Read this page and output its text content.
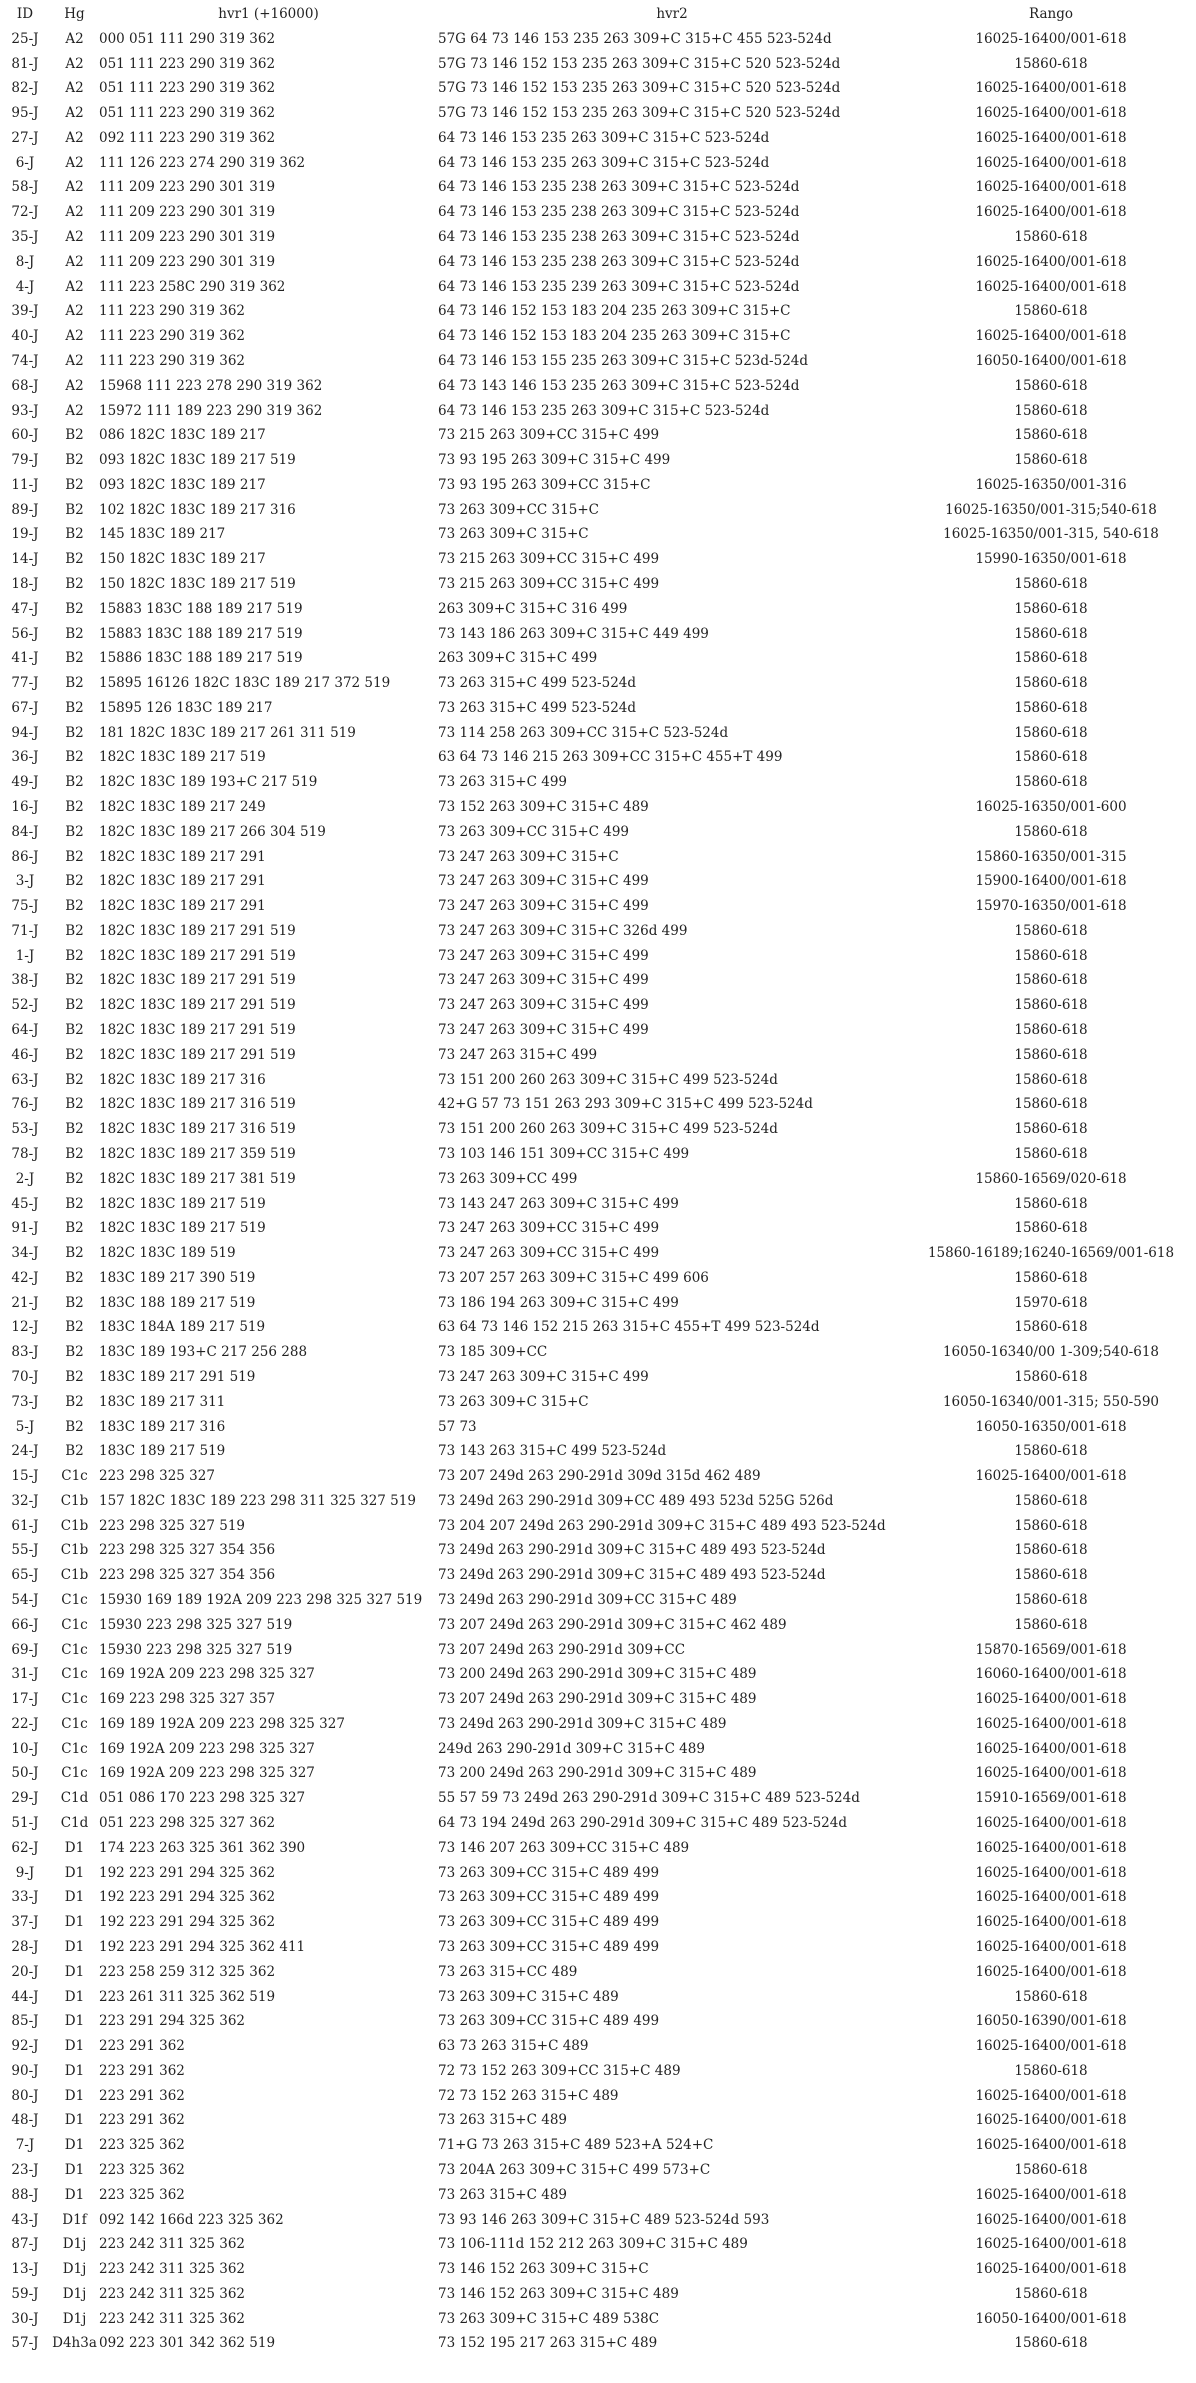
ID	Hg	hvr1 (+16000)	hvr2	Rango
25-J	A2	000 051 111 290 319 362	57G 64 73 146 153 235 263 309+C 315+C 455 523-524d	16025-16400/001-618
81-J	A2	051 111 223 290 319 362	57G 73 146 152 153 235 263 309+C 315+C 520 523-524d	15860-618
82-J	A2	051 111 223 290 319 362	57G 73 146 152 153 235 263 309+C 315+C 520 523-524d	16025-16400/001-618
95-J	A2	051 111 223 290 319 362	57G 73 146 152 153 235 263 309+C 315+C 520 523-524d	16025-16400/001-618
27-J	A2	092 111 223 290 319 362	64 73 146 153 235 263 309+C 315+C 523-524d	16025-16400/001-618
6-J	A2	111 126 223 274 290 319 362	64 73 146 153 235 263 309+C 315+C 523-524d	16025-16400/001-618
58-J	A2	111 209 223 290 301 319	64 73 146 153 235 238 263 309+C 315+C 523-524d	16025-16400/001-618
72-J	A2	111 209 223 290 301 319	64 73 146 153 235 238 263 309+C 315+C 523-524d	16025-16400/001-618
35-J	A2	111 209 223 290 301 319	64 73 146 153 235 238 263 309+C 315+C 523-524d	15860-618
8-J	A2	111 209 223 290 301 319	64 73 146 153 235 238 263 309+C 315+C 523-524d	16025-16400/001-618
4-J	A2	111 223 258C 290 319 362	64 73 146 153 235 239 263 309+C 315+C 523-524d	16025-16400/001-618
39-J	A2	111 223 290 319 362	64 73 146 152 153 183 204 235 263 309+C 315+C	15860-618
40-J	A2	111 223 290 319 362	64 73 146 152 153 183 204 235 263 309+C 315+C	16025-16400/001-618
74-J	A2	111 223 290 319 362	64 73 146 153 155 235 263 309+C 315+C 523d-524d	16050-16400/001-618
68-J	A2	15968 111 223 278 290 319 362	64 73 143 146 153 235 263 309+C 315+C 523-524d	15860-618
93-J	A2	15972 111 189 223 290 319 362	64 73 146 153 235 263 309+C 315+C 523-524d	15860-618
60-J	B2	086 182C 183C 189 217	73 215 263 309+CC 315+C 499	15860-618
79-J	B2	093 182C 183C 189 217 519	73 93 195 263 309+C 315+C 499	15860-618
11-J	B2	093 182C 183C 189 217	73 93 195 263 309+CC 315+C	16025-16350/001-316
89-J	B2	102 182C 183C 189 217 316	73 263 309+CC 315+C	16025-16350/001-315;540-618
19-J	B2	145 183C 189 217	73 263 309+C 315+C	16025-16350/001-315, 540-618
14-J	B2	150 182C 183C 189 217	73 215 263 309+CC 315+C 499	15990-16350/001-618
18-J	B2	150 182C 183C 189 217 519	73 215 263 309+CC 315+C 499	15860-618
47-J	B2	15883 183C 188 189 217 519	263 309+C 315+C 316 499	15860-618
56-J	B2	15883 183C 188 189 217 519	73 143 186 263 309+C 315+C 449 499	15860-618
41-J	B2	15886 183C 188 189 217 519	263 309+C 315+C 499	15860-618
77-J	B2	15895 16126 182C 183C 189 217 372 519	73 263 315+C 499 523-524d	15860-618
67-J	B2	15895 126 183C 189 217	73 263 315+C 499 523-524d	15860-618
94-J	B2	181 182C 183C 189 217 261 311 519	73 114 258 263 309+CC 315+C 523-524d	15860-618
36-J	B2	182C 183C 189 217 519	63 64 73 146 215 263 309+CC 315+C 455+T 499	15860-618
49-J	B2	182C 183C 189 193+C 217 519	73 263 315+C 499	15860-618
16-J	B2	182C 183C 189 217 249	73 152 263 309+C 315+C 489	16025-16350/001-600
84-J	B2	182C 183C 189 217 266 304 519	73 263 309+CC 315+C 499	15860-618
86-J	B2	182C 183C 189 217 291	73 247 263 309+C 315+C	15860-16350/001-315
3-J	B2	182C 183C 189 217 291	73 247 263 309+C 315+C 499	15900-16400/001-618
75-J	B2	182C 183C 189 217 291	73 247 263 309+C 315+C 499	15970-16350/001-618
71-J	B2	182C 183C 189 217 291 519	73 247 263 309+C 315+C 326d 499	15860-618
1-J	B2	182C 183C 189 217 291 519	73 247 263 309+C 315+C 499	15860-618
38-J	B2	182C 183C 189 217 291 519	73 247 263 309+C 315+C 499	15860-618
52-J	B2	182C 183C 189 217 291 519	73 247 263 309+C 315+C 499	15860-618
64-J	B2	182C 183C 189 217 291 519	73 247 263 309+C 315+C 499	15860-618
46-J	B2	182C 183C 189 217 291 519	73 247 263 315+C 499	15860-618
63-J	B2	182C 183C 189 217 316	73 151 200 260 263 309+C 315+C 499 523-524d	15860-618
76-J	B2	182C 183C 189 217 316 519	42+G 57 73 151 263 293 309+C 315+C 499 523-524d	15860-618
53-J	B2	182C 183C 189 217 316 519	73 151 200 260 263 309+C 315+C 499 523-524d	15860-618
78-J	B2	182C 183C 189 217 359 519	73 103 146 151 309+CC 315+C 499	15860-618
2-J	B2	182C 183C 189 217 381 519	73 263 309+CC 499	15860-16569/020-618
45-J	B2	182C 183C 189 217 519	73 143 247 263 309+C 315+C 499	15860-618
91-J	B2	182C 183C 189 217 519	73 247 263 309+CC 315+C 499	15860-618
34-J	B2	182C 183C 189 519	73 247 263 309+CC 315+C 499	15860-16189;16240-16569/001-618
42-J	B2	183C 189 217 390 519	73 207 257 263 309+C 315+C 499 606	15860-618
21-J	B2	183C 188 189 217 519	73 186 194 263 309+C 315+C 499	15970-618
12-J	B2	183C 184A 189 217 519	63 64 73 146 152 215 263 315+C 455+T 499 523-524d	15860-618
83-J	B2	183C 189 193+C 217 256 288	73 185 309+CC	16050-16340/00 1-309;540-618
70-J	B2	183C 189 217 291 519	73 247 263 309+C 315+C 499	15860-618
73-J	B2	183C 189 217 311	73 263 309+C 315+C	16050-16340/001-315; 550-590
5-J	B2	183C 189 217 316	57 73	16050-16350/001-618
24-J	B2	183C 189 217 519	73 143 263 315+C 499 523-524d	15860-618
15-J	C1c	223 298 325 327	73 207 249d 263 290-291d 309d 315d 462 489	16025-16400/001-618
32-J	C1b	157 182C 183C 189 223 298 311 325 327 519	73 249d 263 290-291d 309+CC 489 493 523d 525G 526d	15860-618
61-J	C1b	223 298 325 327 519	73 204 207 249d 263 290-291d 309+C 315+C 489 493 523-524d	15860-618
55-J	C1b	223 298 325 327 354 356	73 249d 263 290-291d 309+C 315+C 489 493 523-524d	15860-618
65-J	C1b	223 298 325 327 354 356	73 249d 263 290-291d 309+C 315+C 489 493 523-524d	15860-618
54-J	C1c	15930 169 189 192A 209 223 298 325 327 519	73 249d 263 290-291d 309+CC 315+C 489	15860-618
66-J	C1c	15930 223 298 325 327 519	73 207 249d 263 290-291d 309+C 315+C 462 489	15860-618
69-J	C1c	15930 223 298 325 327 519	73 207 249d 263 290-291d 309+CC	15870-16569/001-618
31-J	C1c	169 192A 209 223 298 325 327	73 200 249d 263 290-291d 309+C 315+C 489	16060-16400/001-618
17-J	C1c	169 223 298 325 327 357	73 207 249d 263 290-291d 309+C 315+C 489	16025-16400/001-618
22-J	C1c	169 189 192A 209 223 298 325 327	73 249d 263 290-291d 309+C 315+C 489	16025-16400/001-618
10-J	C1c	169 192A 209 223 298 325 327	249d 263 290-291d 309+C 315+C 489	16025-16400/001-618
50-J	C1c	169 192A 209 223 298 325 327	73 200 249d 263 290-291d 309+C 315+C 489	16025-16400/001-618
29-J	C1d	051 086 170 223 298 325 327	55 57 59 73 249d 263 290-291d 309+C 315+C 489 523-524d	15910-16569/001-618
51-J	C1d	051 223 298 325 327 362	64 73 194 249d 263 290-291d 309+C 315+C 489 523-524d	16025-16400/001-618
62-J	D1	174 223 263 325 361 362 390	73 146 207 263 309+CC 315+C 489	16025-16400/001-618
9-J	D1	192 223 291 294 325 362	73 263 309+CC 315+C 489 499	16025-16400/001-618
33-J	D1	192 223 291 294 325 362	73 263 309+CC 315+C 489 499	16025-16400/001-618
37-J	D1	192 223 291 294 325 362	73 263 309+CC 315+C 489 499	16025-16400/001-618
28-J	D1	192 223 291 294 325 362 411	73 263 309+CC 315+C 489 499	16025-16400/001-618
20-J	D1	223 258 259 312 325 362	73 263 315+CC 489	16025-16400/001-618
44-J	D1	223 261 311 325 362 519	73 263 309+C 315+C 489	15860-618
85-J	D1	223 291 294 325 362	73 263 309+CC 315+C 489 499	16050-16390/001-618
92-J	D1	223 291 362	63 73 263 315+C 489	16025-16400/001-618
90-J	D1	223 291 362	72 73 152 263 309+CC 315+C 489	15860-618
80-J	D1	223 291 362	72 73 152 263 315+C 489	16025-16400/001-618
48-J	D1	223 291 362	73 263 315+C 489	16025-16400/001-618
7-J	D1	223 325 362	71+G 73 263 315+C 489 523+A 524+C	16025-16400/001-618
23-J	D1	223 325 362	73 204A 263 309+C 315+C 499 573+C	15860-618
88-J	D1	223 325 362	73 263 315+C 489	16025-16400/001-618
43-J	D1f	092 142 166d 223 325 362	73 93 146 263 309+C 315+C 489 523-524d 593	16025-16400/001-618
87-J	D1j	223 242 311 325 362	73 106-111d 152 212 263 309+C 315+C 489	16025-16400/001-618
13-J	D1j	223 242 311 325 362	73 146 152 263 309+C 315+C	16025-16400/001-618
59-J	D1j	223 242 311 325 362	73 146 152 263 309+C 315+C 489	15860-618
30-J	D1j	223 242 311 325 362	73 263 309+C 315+C 489 538C	16050-16400/001-618
57-J	D4h3a	092 223 301 342 362 519	73 152 195 217 263 315+C 489	15860-618
